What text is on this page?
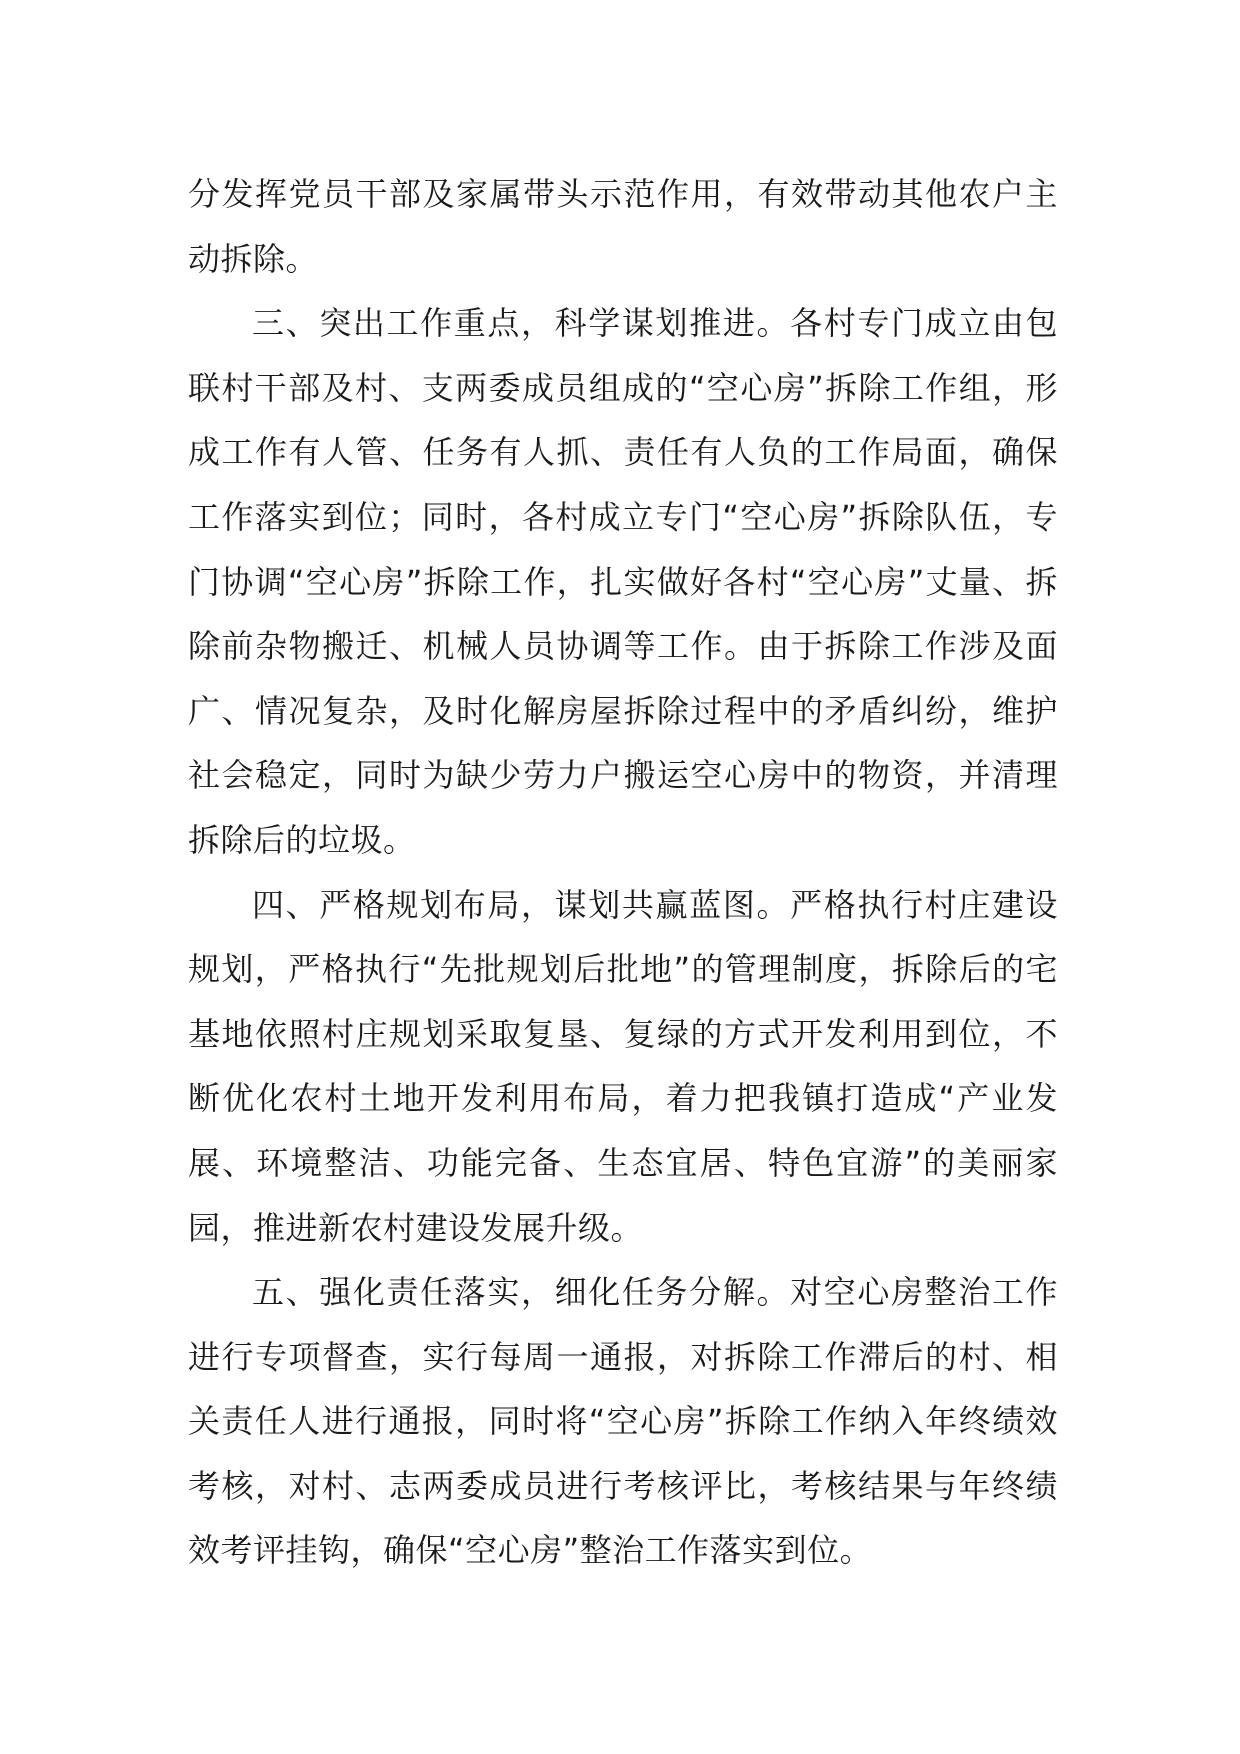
分发挥党员干部及家属带头示范作用，有效带动其他农户主动拆除。

三、突出工作重点，科学谋划推进。各村专门成立由包联村干部及村、支两委成员组成的“空心房”拆除工作组，形成工作有人管、任务有人抓、责任有人负的工作局面，确保工作落实到位；同时，各村成立专门“空心房”拆除队伍，专门协调“空心房”拆除工作，扎实做好各村“空心房”丈量、拆除前杂物搬迁、机械人员协调等工作。由于拆除工作涉及面广、情况复杂，及时化解房屋拆除过程中的矛盾纠纷，维护社会稳定，同时为缺少劳力户搬运空心房中的物资，并清理拆除后的垃圾。

四、严格规划布局，谋划共赢蓝图。严格执行村庄建设规划，严格执行“先批规划后批地”的管理制度，拆除后的宅基地依照村庄规划采取复垦、复绿的方式开发利用到位，不断优化农村土地开发利用布局，着力把我镇打造成“产业发展、环境整洁、功能完备、生态宜居、特色宜游”的美丽家园，推进新农村建设发展升级。

五、强化责任落实，细化任务分解。对空心房整治工作进行专项督查，实行每周一通报，对拆除工作滞后的村、相关责任人进行通报，同时将“空心房”拆除工作纳入年终绩效考核，对村、志两委成员进行考核评比，考核结果与年终绩效考评挂钩，确保“空心房”整治工作落实到位。
